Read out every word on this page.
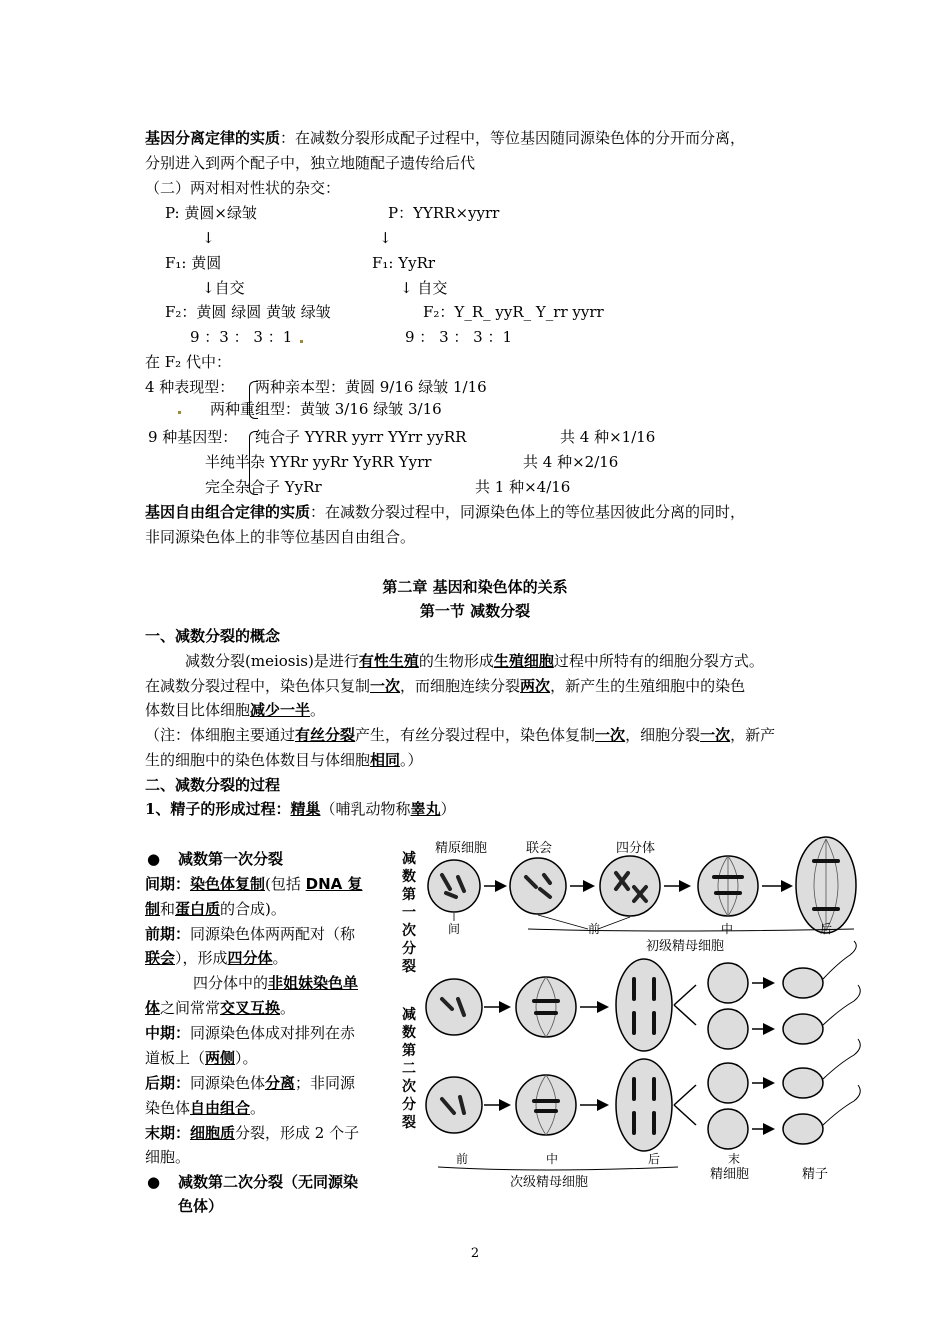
基因分离定律的实质：在减数分裂形成配子过程中，等位基因随同源染色体的分开而分离，
分别进入到两个配子中，独立地随配子遗传给后代
（二）两对相对性状的杂交：
P: 黄圆×绿皱	P：YYRR×yyrr
↓	↓
F₁: 黄圆	F₁: YyRr
↓自交	↓ 自交
F₂：黄圆 绿圆 黄皱 绿皱	F₂：Y_R_ yyR_ Y_rr yyrr
9 ：3 ： 3 ：1	9 ： 3 ： 3 ：1
在 F₂ 代中：
4 种表现型： 两种亲本型：黄圆 9/16 绿皱 1/16
两种重组型：黄皱 3/16 绿皱 3/16
9 种基因型： 纯合子 YYRR yyrr YYrr yyRR	共 4 种×1/16
半纯半杂 YYRr yyRr YyRR Yyrr	共 4 种×2/16
完全杂合子 YyRr	共 1 种×4/16
基因自由组合定律的实质：在减数分裂过程中，同源染色体上的等位基因彼此分离的同时，
非同源染色体上的非等位基因自由组合。
第二章 基因和染色体的关系
第一节 减数分裂
一、减数分裂的概念
减数分裂(meiosis)是进行有性生殖的生物形成生殖细胞过程中所特有的细胞分裂方式。
在减数分裂过程中，染色体只复制一次，而细胞连续分裂两次，新产生的生殖细胞中的染色
体数目比体细胞减少一半。
（注：体细胞主要通过有丝分裂产生，有丝分裂过程中，染色体复制一次，细胞分裂一次，新产
生的细胞中的染色体数目与体细胞相同。）
二、减数分裂的过程
1、精子的形成过程：精巢（哺乳动物称睾丸）
● 减数第一次分裂
间期：染色体复制(包括 DNA 复
制和蛋白质的合成)。
前期：同源染色体两两配对（称
联会），形成四分体。
四分体中的非姐妹染色单
体之间常常交叉互换。
中期：同源染色体成对排列在赤
道板上（两侧）。
后期：同源染色体分离；非同源
染色体自由组合。
末期：细胞质分裂，形成 2 个子
细胞。
● 减数第二次分裂（无同源染
色体）
精原细胞	联会	四分体
间	前	中	后
初级精母细胞
前	中	后	末
精细胞	精子
次级精母细胞
减数第一次分裂
减数第二次分裂
2
